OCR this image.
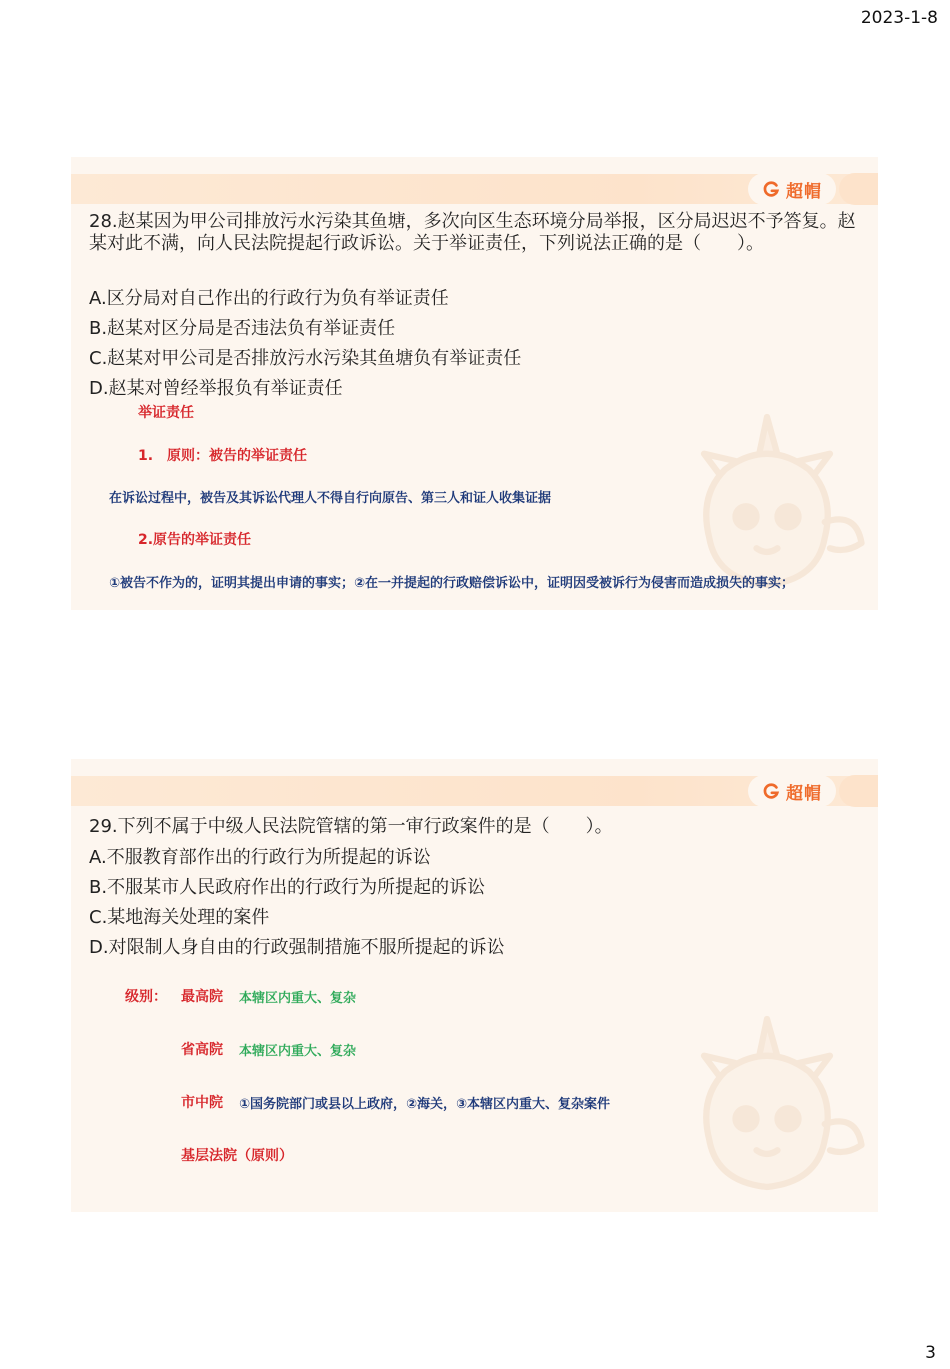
2023-1-8
超帽
28.赵某因为甲公司排放污水污染其鱼塘，多次向区生态环境分局举报，区分局迟迟不予答复。赵某对此不满，向人民法院提起行政诉讼。关于举证责任，下列说法正确的是（　　）。
A.区分局对自己作出的行政行为负有举证责任
B.赵某对区分局是否违法负有举证责任
C.赵某对甲公司是否排放污水污染其鱼塘负有举证责任
D.赵某对曾经举报负有举证责任
举证责任
1.　原则：被告的举证责任
在诉讼过程中，被告及其诉讼代理人不得自行向原告、第三人和证人收集证据
2.原告的举证责任
①被告不作为的，证明其提出申请的事实；②在一并提起的行政赔偿诉讼中，证明因受被诉行为侵害而造成损失的事实；
超帽
29.下列不属于中级人民法院管辖的第一审行政案件的是（　　）。
A.不服教育部作出的行政行为所提起的诉讼
B.不服某市人民政府作出的行政行为所提起的诉讼
C.某地海关处理的案件
D.对限制人身自由的行政强制措施不服所提起的诉讼
级别： 最高院 本辖区内重大、复杂
省高院 本辖区内重大、复杂
市中院 ①国务院部门或县以上政府，②海关，③本辖区内重大、复杂案件
基层法院（原则）
3
